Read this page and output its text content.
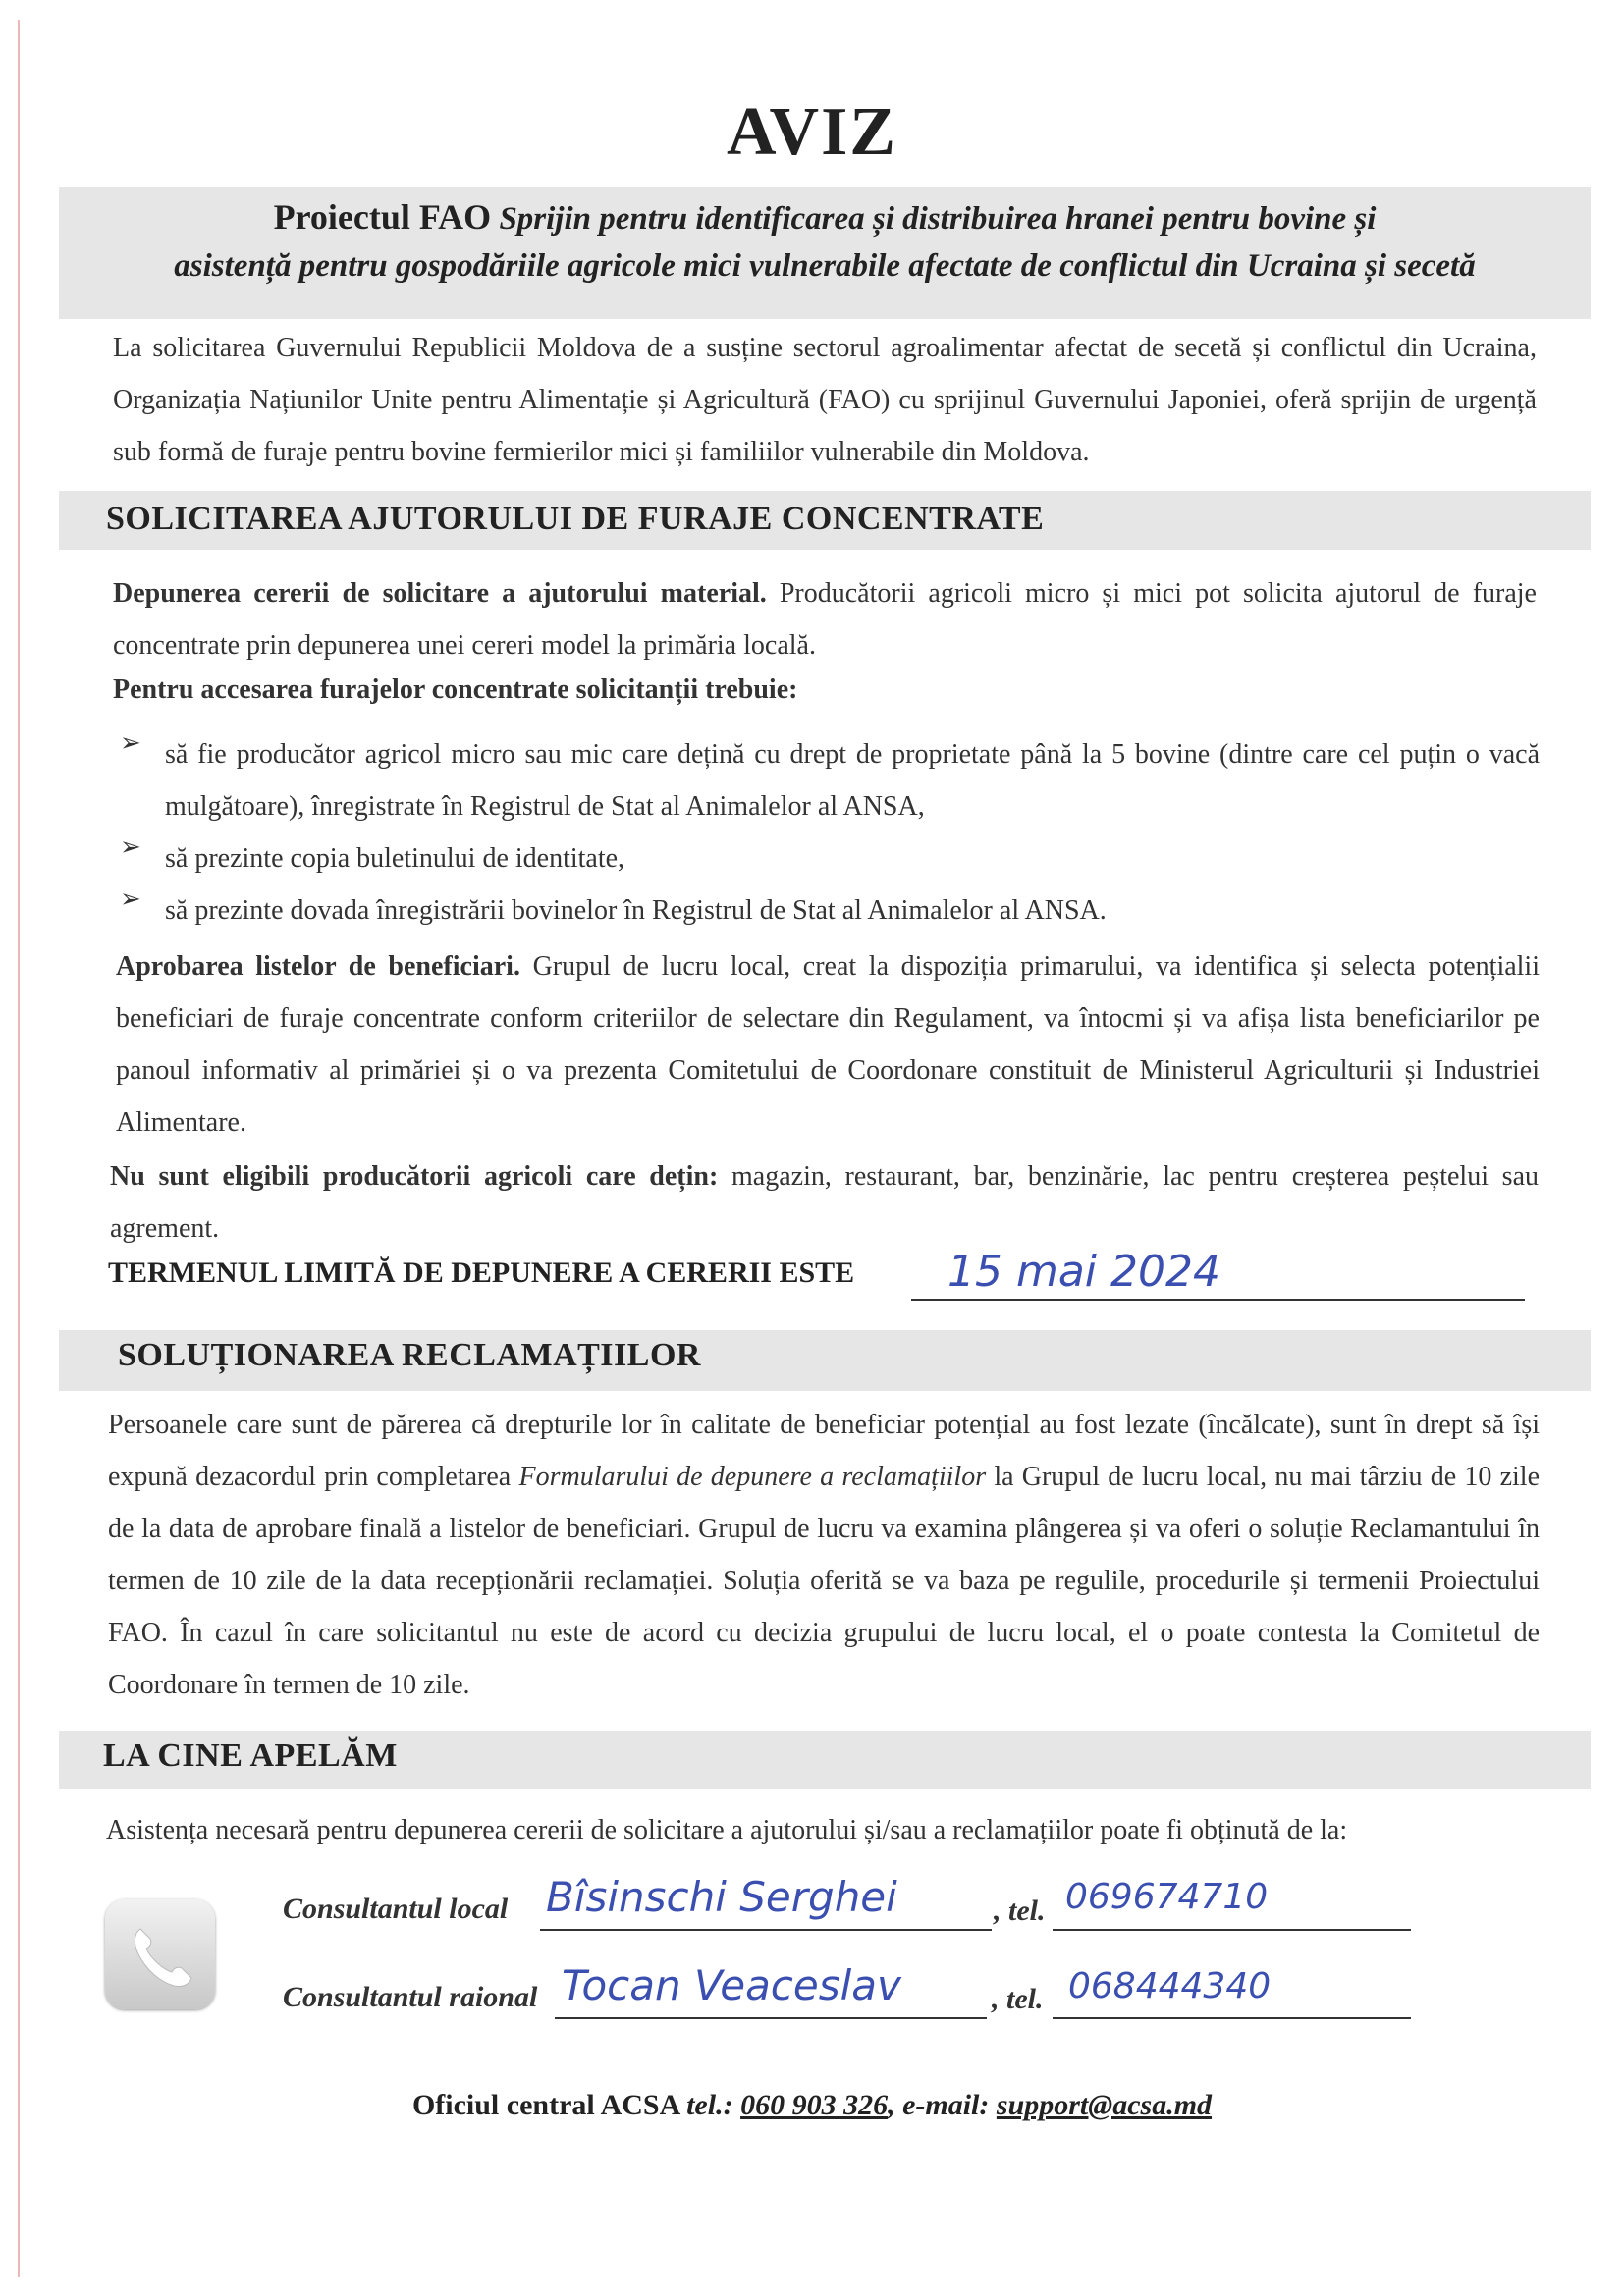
AVIZ
Proiectul FAO Sprijin pentru identificarea și distribuirea hranei pentru bovine și
asistență pentru gospodăriile agricole mici vulnerabile afectate de conflictul din Ucraina și secetă
La solicitarea Guvernului Republicii Moldova de a susține sectorul agroalimentar afectat de secetă și conflictul din Ucraina, Organizația Națiunilor Unite pentru Alimentație și Agricultură (FAO) cu sprijinul Guvernului Japoniei, oferă sprijin de urgență sub formă de furaje pentru bovine fermierilor mici și familiilor vulnerabile din Moldova.
SOLICITAREA AJUTORULUI DE FURAJE CONCENTRATE
Depunerea cererii de solicitare a ajutorului material. Producătorii agricoli micro și mici pot solicita ajutorul de furaje concentrate prin depunerea unei cereri model la primăria locală.
Pentru accesarea furajelor concentrate solicitanții trebuie:
➢ să fie producător agricol micro sau mic care dețină cu drept de proprietate până la 5 bovine (dintre care cel puțin o vacă mulgătoare), înregistrate în Registrul de Stat al Animalelor al ANSA,
➢ să prezinte copia buletinului de identitate,
➢ să prezinte dovada înregistrării bovinelor în Registrul de Stat al Animalelor al ANSA.
Aprobarea listelor de beneficiari. Grupul de lucru local, creat la dispoziția primarului, va identifica și selecta potențialii beneficiari de furaje concentrate conform criteriilor de selectare din Regulament, va întocmi și va afișa lista beneficiarilor pe panoul informativ al primăriei și o va prezenta Comitetului de Coordonare constituit de Ministerul Agriculturii și Industriei Alimentare.
Nu sunt eligibili producătorii agricoli care dețin: magazin, restaurant, bar, benzinărie, lac pentru creșterea peștelui sau agrement.
TERMENUL LIMITĂ DE DEPUNERE A CERERII ESTE 15 mai 2024
SOLUȚIONAREA RECLAMAȚIILOR
Persoanele care sunt de părerea că drepturile lor în calitate de beneficiar potențial au fost lezate (încălcate), sunt în drept să își expună dezacordul prin completarea Formularului de depunere a reclamațiilor la Grupul de lucru local, nu mai târziu de 10 zile de la data de aprobare finală a listelor de beneficiari. Grupul de lucru va examina plângerea și va oferi o soluție Reclamantului în termen de 10 zile de la data recepționării reclamației. Soluția oferită se va baza pe regulile, procedurile și termenii Proiectului FAO. În cazul în care solicitantul nu este de acord cu decizia grupului de lucru local, el o poate contesta la Comitetul de Coordonare în termen de 10 zile.
LA CINE APELĂM
Asistența necesară pentru depunerea cererii de solicitare a ajutorului și/sau a reclamațiilor poate fi obținută de la:
Consultantul local Bîsinschi Serghei	, tel. 069674710
Consultantul raional Tocan Veaceslav	, tel. 068444340
Oficiul central ACSA tel.: 060 903 326, e-mail: support@acsa.md
